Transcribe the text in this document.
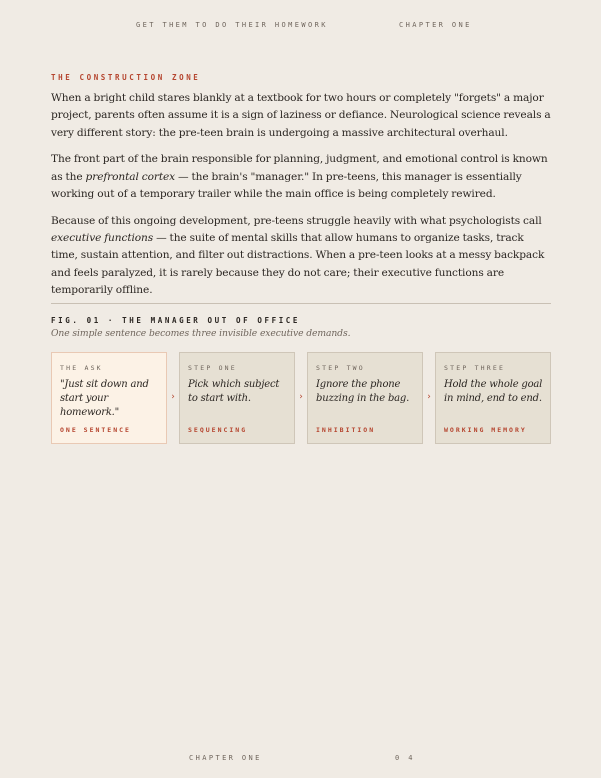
GET THEM TO DO THEIR HOMEWORK	CHAPTER ONE
THE CONSTRUCTION ZONE

When a bright child stares blankly at a textbook for two hours or completely "forgets" a major project, parents often assume it is a sign of laziness or defiance. Neurological science reveals a very different story: the pre-teen brain is undergoing a massive architectural overhaul.

The front part of the brain responsible for planning, judgment, and emotional control is known as the prefrontal cortex — the brain's "manager." In pre-teens, this manager is essentially working out of a temporary trailer while the main office is being completely rewired.

Because of this ongoing development, pre-teens struggle heavily with what psychologists call executive functions — the suite of mental skills that allow humans to organize tasks, track time, sustain attention, and filter out distractions. When a pre-teen looks at a messy backpack and feels paralyzed, it is rarely because they do not care; their executive functions are temporarily offline.

FIG. 01 · THE MANAGER OUT OF OFFICE
One simple sentence becomes three invisible executive demands.
THE ASK
"Just sit down and start your homework."
ONE SENTENCE
›
STEP ONE
Pick which subject to start with.
SEQUENCING
›
STEP TWO
Ignore the phone buzzing in the bag.
INHIBITION
›
STEP THREE
Hold the whole goal in mind, end to end.
WORKING MEMORY
CHAPTER ONE	0 4
